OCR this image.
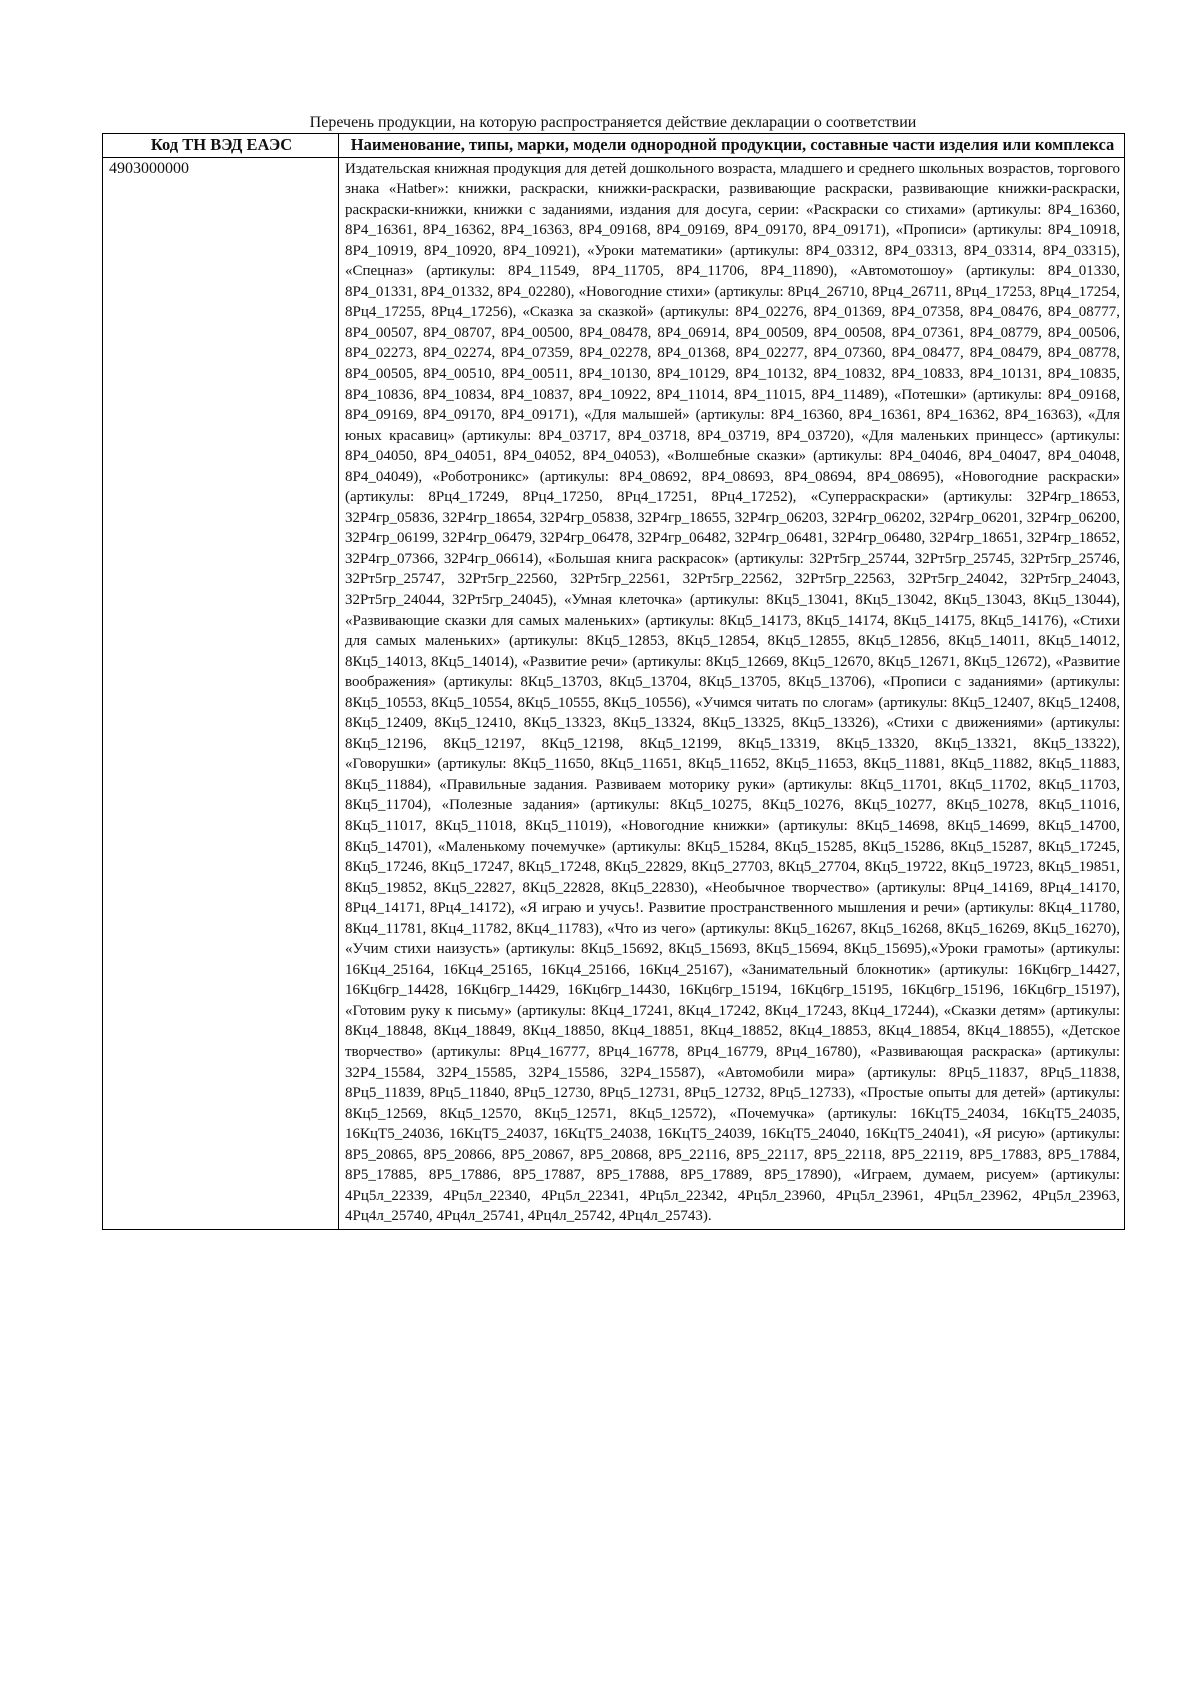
Перечень продукции, на которую распространяется действие декларации о соответствии
Код ТН ВЭД ЕАЭС	Наименование, типы, марки, модели однородной продукции, составные части изделия или комплекса
4903000000	Издательская книжная продукция для детей дошкольного возраста, младшего и среднего школьных возрастов, торгового знака «Hatber»: книжки, раскраски, книжки-раскраски, развивающие раскраски, развивающие книжки-раскраски, раскраски-книжки, книжки с заданиями, издания для досуга, серии: «Раскраски со стихами» (артикулы: 8Р4_16360, 8Р4_16361, 8Р4_16362, 8Р4_16363, 8Р4_09168, 8Р4_09169, 8Р4_09170, 8Р4_09171), «Прописи» (артикулы: 8Р4_10918, 8Р4_10919, 8Р4_10920, 8Р4_10921), «Уроки математики» (артикулы: 8Р4_03312, 8Р4_03313, 8Р4_03314, 8Р4_03315), «Спецназ» (артикулы: 8Р4_11549, 8Р4_11705, 8Р4_11706, 8Р4_11890), «Автомотошоу» (артикулы: 8Р4_01330, 8Р4_01331, 8Р4_01332, 8Р4_02280), «Новогодние стихи» (артикулы: 8Рц4_26710, 8Рц4_26711, 8Рц4_17253, 8Рц4_17254, 8Рц4_17255, 8Рц4_17256), «Сказка за сказкой» (артикулы: 8Р4_02276, 8Р4_01369, 8Р4_07358, 8Р4_08476, 8Р4_08777, 8Р4_00507, 8Р4_08707, 8Р4_00500, 8Р4_08478, 8Р4_06914, 8Р4_00509, 8Р4_00508, 8Р4_07361, 8Р4_08779, 8Р4_00506, 8Р4_02273, 8Р4_02274, 8Р4_07359, 8Р4_02278, 8Р4_01368, 8Р4_02277, 8Р4_07360, 8Р4_08477, 8Р4_08479, 8Р4_08778, 8Р4_00505, 8Р4_00510, 8Р4_00511, 8Р4_10130, 8Р4_10129, 8Р4_10132, 8Р4_10832, 8Р4_10833, 8Р4_10131, 8Р4_10835, 8Р4_10836, 8Р4_10834, 8Р4_10837, 8Р4_10922, 8Р4_11014, 8Р4_11015, 8Р4_11489), «Потешки» (артикулы: 8Р4_09168, 8Р4_09169, 8Р4_09170, 8Р4_09171), «Для малышей» (артикулы: 8Р4_16360, 8Р4_16361, 8Р4_16362, 8Р4_16363), «Для юных красавиц» (артикулы: 8Р4_03717, 8Р4_03718, 8Р4_03719, 8Р4_03720), «Для маленьких принцесс» (артикулы: 8Р4_04050, 8Р4_04051, 8Р4_04052, 8Р4_04053), «Волшебные сказки» (артикулы: 8Р4_04046, 8Р4_04047, 8Р4_04048, 8Р4_04049), «Роботроникс» (артикулы: 8Р4_08692, 8Р4_08693, 8Р4_08694, 8Р4_08695), «Новогодние раскраски» (артикулы: 8Рц4_17249, 8Рц4_17250, 8Рц4_17251, 8Рц4_17252), «Суперраскраски» (артикулы: 32Р4гр_18653, 32Р4гр_05836, 32Р4гр_18654, 32Р4гр_05838, 32Р4гр_18655, 32Р4гр_06203, 32Р4гр_06202, 32Р4гр_06201, 32Р4гр_06200, 32Р4гр_06199, 32Р4гр_06479, 32Р4гр_06478, 32Р4гр_06482, 32Р4гр_06481, 32Р4гр_06480, 32Р4гр_18651, 32Р4гр_18652, 32Р4гр_07366, 32Р4гр_06614), «Большая книга раскрасок» (артикулы: 32Рт5гр_25744, 32Рт5гр_25745, 32Рт5гр_25746, 32Рт5гр_25747, 32Рт5гр_22560, 32Рт5гр_22561, 32Рт5гр_22562, 32Рт5гр_22563, 32Рт5гр_24042, 32Рт5гр_24043, 32Рт5гр_24044, 32Рт5гр_24045), «Умная клеточка» (артикулы: 8Кц5_13041, 8Кц5_13042, 8Кц5_13043, 8Кц5_13044), «Развивающие сказки для самых маленьких» (артикулы: 8Кц5_14173, 8Кц5_14174, 8Кц5_14175, 8Кц5_14176), «Стихи для самых маленьких» (артикулы: 8Кц5_12853, 8Кц5_12854, 8Кц5_12855, 8Кц5_12856, 8Кц5_14011, 8Кц5_14012, 8Кц5_14013, 8Кц5_14014), «Развитие речи» (артикулы: 8Кц5_12669, 8Кц5_12670, 8Кц5_12671, 8Кц5_12672), «Развитие воображения» (артикулы: 8Кц5_13703, 8Кц5_13704, 8Кц5_13705, 8Кц5_13706), «Прописи с заданиями» (артикулы: 8Кц5_10553, 8Кц5_10554, 8Кц5_10555, 8Кц5_10556), «Учимся читать по слогам» (артикулы: 8Кц5_12407, 8Кц5_12408, 8Кц5_12409, 8Кц5_12410, 8Кц5_13323, 8Кц5_13324, 8Кц5_13325, 8Кц5_13326), «Стихи с движениями» (артикулы: 8Кц5_12196, 8Кц5_12197, 8Кц5_12198, 8Кц5_12199, 8Кц5_13319, 8Кц5_13320, 8Кц5_13321, 8Кц5_13322), «Говорушки» (артикулы: 8Кц5_11650, 8Кц5_11651, 8Кц5_11652, 8Кц5_11653, 8Кц5_11881, 8Кц5_11882, 8Кц5_11883, 8Кц5_11884), «Правильные задания. Развиваем моторику руки» (артикулы: 8Кц5_11701, 8Кц5_11702, 8Кц5_11703, 8Кц5_11704), «Полезные задания» (артикулы: 8Кц5_10275, 8Кц5_10276, 8Кц5_10277, 8Кц5_10278, 8Кц5_11016, 8Кц5_11017, 8Кц5_11018, 8Кц5_11019), «Новогодние книжки» (артикулы: 8Кц5_14698, 8Кц5_14699, 8Кц5_14700, 8Кц5_14701), «Маленькому почемучке» (артикулы: 8Кц5_15284, 8Кц5_15285, 8Кц5_15286, 8Кц5_15287, 8Кц5_17245, 8Кц5_17246, 8Кц5_17247, 8Кц5_17248, 8Кц5_22829, 8Кц5_27703, 8Кц5_27704, 8Кц5_19722, 8Кц5_19723, 8Кц5_19851, 8Кц5_19852, 8Кц5_22827, 8Кц5_22828, 8Кц5_22830), «Необычное творчество» (артикулы: 8Рц4_14169, 8Рц4_14170, 8Рц4_14171, 8Рц4_14172), «Я играю и учусь!. Развитие пространственного мышления и речи» (артикулы: 8Кц4_11780, 8Кц4_11781, 8Кц4_11782, 8Кц4_11783), «Что из чего» (артикулы: 8Кц5_16267, 8Кц5_16268, 8Кц5_16269, 8Кц5_16270), «Учим стихи наизусть» (артикулы: 8Кц5_15692, 8Кц5_15693, 8Кц5_15694, 8Кц5_15695),«Уроки грамоты» (артикулы: 16Кц4_25164, 16Кц4_25165, 16Кц4_25166, 16Кц4_25167), «Занимательный блокнотик» (артикулы: 16Кц6гр_14427, 16Кц6гр_14428, 16Кц6гр_14429, 16Кц6гр_14430, 16Кц6гр_15194, 16Кц6гр_15195, 16Кц6гр_15196, 16Кц6гр_15197), «Готовим руку к письму» (артикулы: 8Кц4_17241, 8Кц4_17242, 8Кц4_17243, 8Кц4_17244), «Сказки детям» (артикулы: 8Кц4_18848, 8Кц4_18849, 8Кц4_18850, 8Кц4_18851, 8Кц4_18852, 8Кц4_18853, 8Кц4_18854, 8Кц4_18855), «Детское творчество» (артикулы: 8Рц4_16777, 8Рц4_16778, 8Рц4_16779, 8Рц4_16780), «Развивающая раскраска» (артикулы: 32Р4_15584, 32Р4_15585, 32Р4_15586, 32Р4_15587), «Автомобили мира» (артикулы: 8Рц5_11837, 8Рц5_11838, 8Рц5_11839, 8Рц5_11840, 8Рц5_12730, 8Рц5_12731, 8Рц5_12732, 8Рц5_12733), «Простые опыты для детей» (артикулы: 8Кц5_12569, 8Кц5_12570, 8Кц5_12571, 8Кц5_12572), «Почемучка» (артикулы: 16КцТ5_24034, 16КцТ5_24035, 16КцТ5_24036, 16КцТ5_24037, 16КцТ5_24038, 16КцТ5_24039, 16КцТ5_24040, 16КцТ5_24041), «Я рисую» (артикулы: 8Р5_20865, 8Р5_20866, 8Р5_20867, 8Р5_20868, 8Р5_22116, 8Р5_22117, 8Р5_22118, 8Р5_22119, 8Р5_17883, 8Р5_17884, 8Р5_17885, 8Р5_17886, 8Р5_17887, 8Р5_17888, 8Р5_17889, 8Р5_17890), «Играем, думаем, рисуем» (артикулы: 4Рц5л_22339, 4Рц5л_22340, 4Рц5л_22341, 4Рц5л_22342, 4Рц5л_23960, 4Рц5л_23961, 4Рц5л_23962, 4Рц5л_23963, 4Рц4л_25740, 4Рц4л_25741, 4Рц4л_25742, 4Рц4л_25743).
